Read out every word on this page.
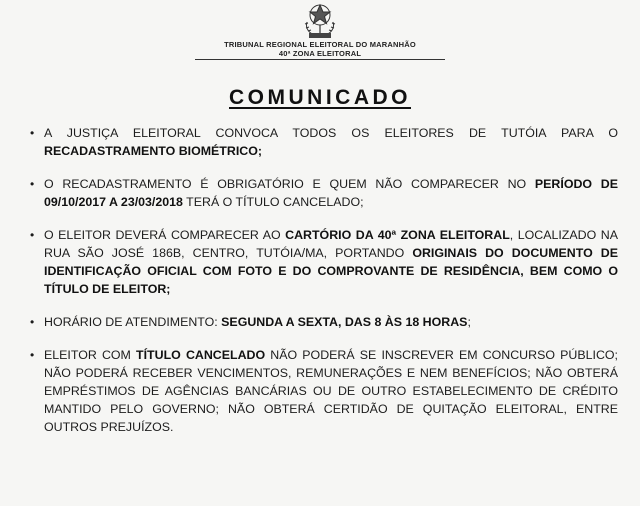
TRIBUNAL REGIONAL ELEITORAL DO MARANHÃO
40ª ZONA ELEITORAL
COMUNICADO
• A JUSTIÇA ELEITORAL CONVOCA TODOS OS ELEITORES DE TUTÓIA PARA O RECADASTRAMENTO BIOMÉTRICO;
• O RECADASTRAMENTO É OBRIGATÓRIO E QUEM NÃO COMPARECER NO PERÍODO DE 09/10/2017 A 23/03/2018 TERÁ O TÍTULO CANCELADO;
• O ELEITOR DEVERÁ COMPARECER AO CARTÓRIO DA 40ª ZONA ELEITORAL, LOCALIZADO NA RUA SÃO JOSÉ 186B, CENTRO, TUTÓIA/MA, PORTANDO ORIGINAIS DO DOCUMENTO DE IDENTIFICAÇÃO OFICIAL COM FOTO E DO COMPROVANTE DE RESIDÊNCIA, BEM COMO O TÍTULO DE ELEITOR;
• HORÁRIO DE ATENDIMENTO: SEGUNDA A SEXTA, DAS 8 ÀS 18 HORAS;
• ELEITOR COM TÍTULO CANCELADO NÃO PODERÁ SE INSCREVER EM CONCURSO PÚBLICO; NÃO PODERÁ RECEBER VENCIMENTOS, REMUNERAÇÕES E NEM BENEFÍCIOS; NÃO OBTERÁ EMPRÉSTIMOS DE AGÊNCIAS BANCÁRIAS OU DE OUTRO ESTABELECIMENTO DE CRÉDITO MANTIDO PELO GOVERNO; NÃO OBTERÁ CERTIDÃO DE QUITAÇÃO ELEITORAL, ENTRE OUTROS PREJUÍZOS.
